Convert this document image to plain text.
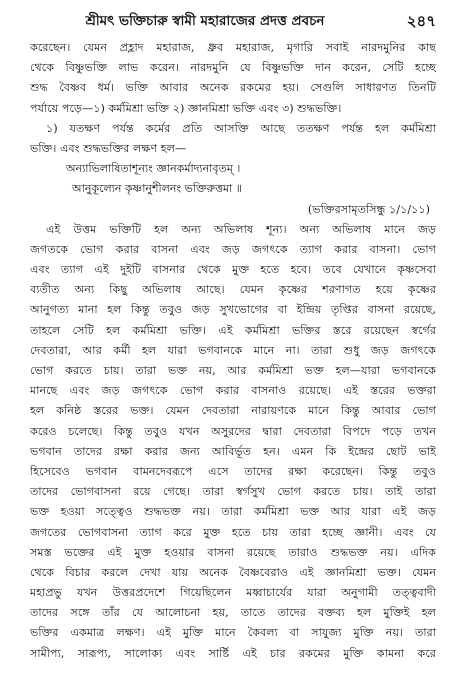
শ্রীমৎ ভক্তিচারু স্বামী মহারাজের প্রদত্ত প্রবচন	২৪৭
করেছেন। যেমন প্রহ্লাদ মহারাজ, ধ্রুব মহারাজ, মৃগারি সবাই নারদমুনির কাছ
থেকে বিষ্ণুভক্তি লাভ করেন। নারদমুনি যে বিষ্ণুভক্তি দান করেন, সেটি হচ্ছে
শুদ্ধ বৈষ্ণব ধর্ম। ভক্তি আবার অনেক রকমের হয়। সেগুলি সাধারণত তিনটি
পর্যায়ে পড়ে—১) কর্মমিশ্রা ভক্তি ২) জ্ঞানমিশ্রা ভক্তি এবং ৩) শুদ্ধভক্তি।
১) যতক্ষণ পর্যন্ত কর্মের প্রতি আসক্তি আছে ততক্ষণ পর্যন্ত হল কর্মমিশ্রা
ভক্তি। এবং শুদ্ধভক্তির লক্ষণ হল—
অন্যাভিলাষিতাশূন্যং জ্ঞানকর্মাদ্যনাবৃতম্ ।
আনুকূল্যেন কৃষ্ণানুশীলনং ভক্তিরুত্তমা ॥
(ভক্তিরসামৃতসিন্ধু ১/১/১১)
এই উত্তম ভক্তিটি হল অন্য অভিলাষ শূন্য। অন্য অভিলাষ মানে জড়
জগতকে ভোগ করার বাসনা এবং জড় জগৎকে ত্যাগ করার বাসনা। ভোগ
এবং ত্যাগ এই দুইটি বাসনার থেকে মুক্ত হতে হবে। তবে যেখানে কৃষ্ণসেবা
ব্যতীত অন্য কিছু অভিলাষ আছে। যেমন কৃষ্ণের শরণাগত হয়ে কৃষ্ণের
আনুগত্য মানা হল কিন্তু তবুও জড় সুখভোগের বা ইন্দ্রিয় তৃপ্তির বাসনা রয়েছে,
তাহলে সেটি হল কর্মমিশ্রা ভক্তি। এই কর্মমিশ্রা ভক্তির স্তরে রয়েছেন স্বর্গের
দেবতারা, আর কর্মী হল যারা ভগবানকে মানে না। তারা শুধু জড় জগৎকে
ভোগ করতে চায়। তারা ভক্ত নয়, আর কর্মমিশ্রা ভক্ত হল—যারা ভগবানকে
মানছে এবং জড় জগৎকে ভোগ করার বাসনাও রয়েছে। এই স্তরের ভক্তরা
হল কনিষ্ঠ স্তরের ভক্ত। যেমন দেবতারা নারায়ণকে মানে কিন্তু আবার ভোগ
করেও চলেছে। কিন্তু তবুও যখন অসুরদের দ্বারা দেবতারা বিপদে পড়ে তখন
ভগবান তাদের রক্ষা করার জন্য আবির্ভূত হন। এমন কি ইন্দ্রের ছোট ভাই
হিসেবেও ভগবান বামনদেবরূপে এসে তাদের রক্ষা করেছেন। কিন্তু তবুও
তাদের ভোগবাসনা রয়ে গেছে। তারা স্বর্গসুখ ভোগ করতে চায়। তাই তারা
ভক্ত হওয়া সত্ত্বেও শুদ্ধভক্ত নয়। তারা কর্মমিশ্রা ভক্ত আর যারা এই জড়
জগতের ভোগবাসনা ত্যাগ করে মুক্ত হতে চায় তারা হচ্ছে জ্ঞানী। এবং যে
সমস্ত ভক্তের এই মুক্ত হওয়ার বাসনা রয়েছে তারাও শুদ্ধভক্ত নয়। এদিক
থেকে বিচার করলে দেখা যায় অনেক বৈষ্ণবেরাও এই জ্ঞানমিশ্রা ভক্ত। যেমন
মহাপ্রভু যখন উত্তরপ্রদেশে গিয়েছিলেন মধ্বাচার্যের যারা অনুগামী তত্ত্ববাদী
তাদের সঙ্গে তাঁর যে আলোচনা হয়, তাতে তাদের বক্তব্য হল মুক্তিই হল
ভক্তির একমাত্র লক্ষণ। এই মুক্তি মানে কৈবল্য বা সাযুজ্য মুক্তি নয়। তারা
সামীপ্য, সারূপ্য, সালোক্য এবং সার্ষ্টি এই চার রকমের মুক্তি কামনা করে
